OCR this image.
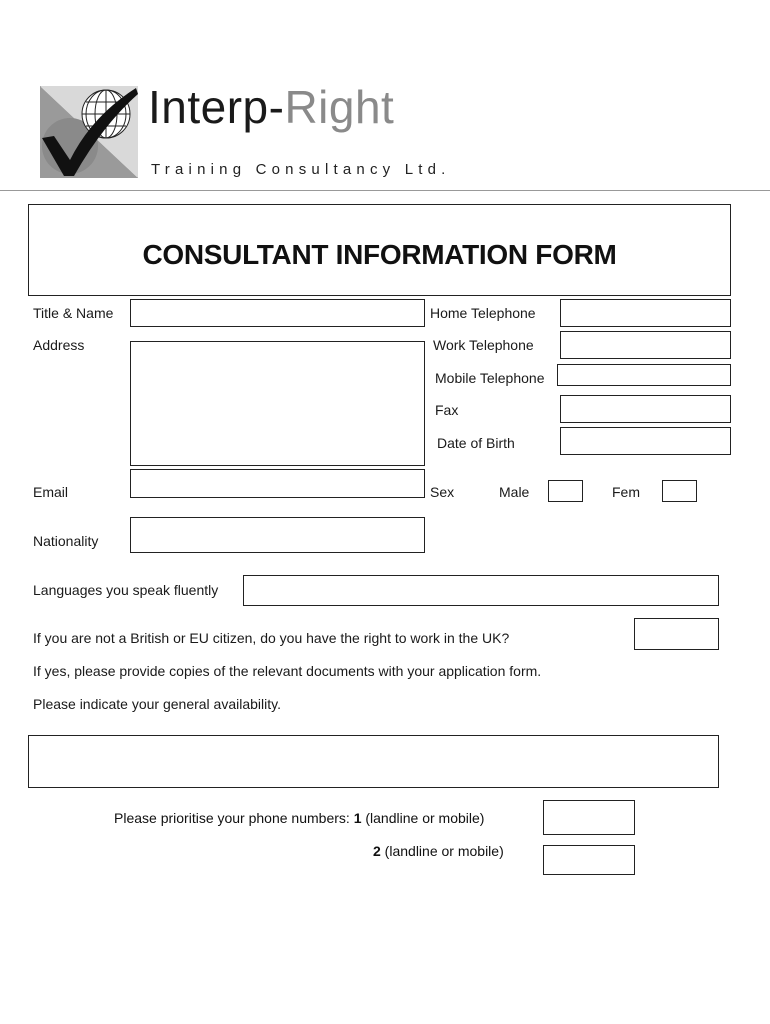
Interp-Right
Training Consultancy Ltd.
CONSULTANT INFORMATION FORM
Title & Name
Address
Email
Nationality
Home Telephone
Work Telephone
Mobile Telephone
Fax
Date of Birth
Sex	Male	Fem
Languages you speak fluently
If you are not a British or EU citizen, do you have the right to work in the UK?
If yes, please provide copies of the relevant documents with your application form.
Please indicate your general availability.
Please prioritise your phone numbers: 1 (landline or mobile)
2 (landline or mobile)
